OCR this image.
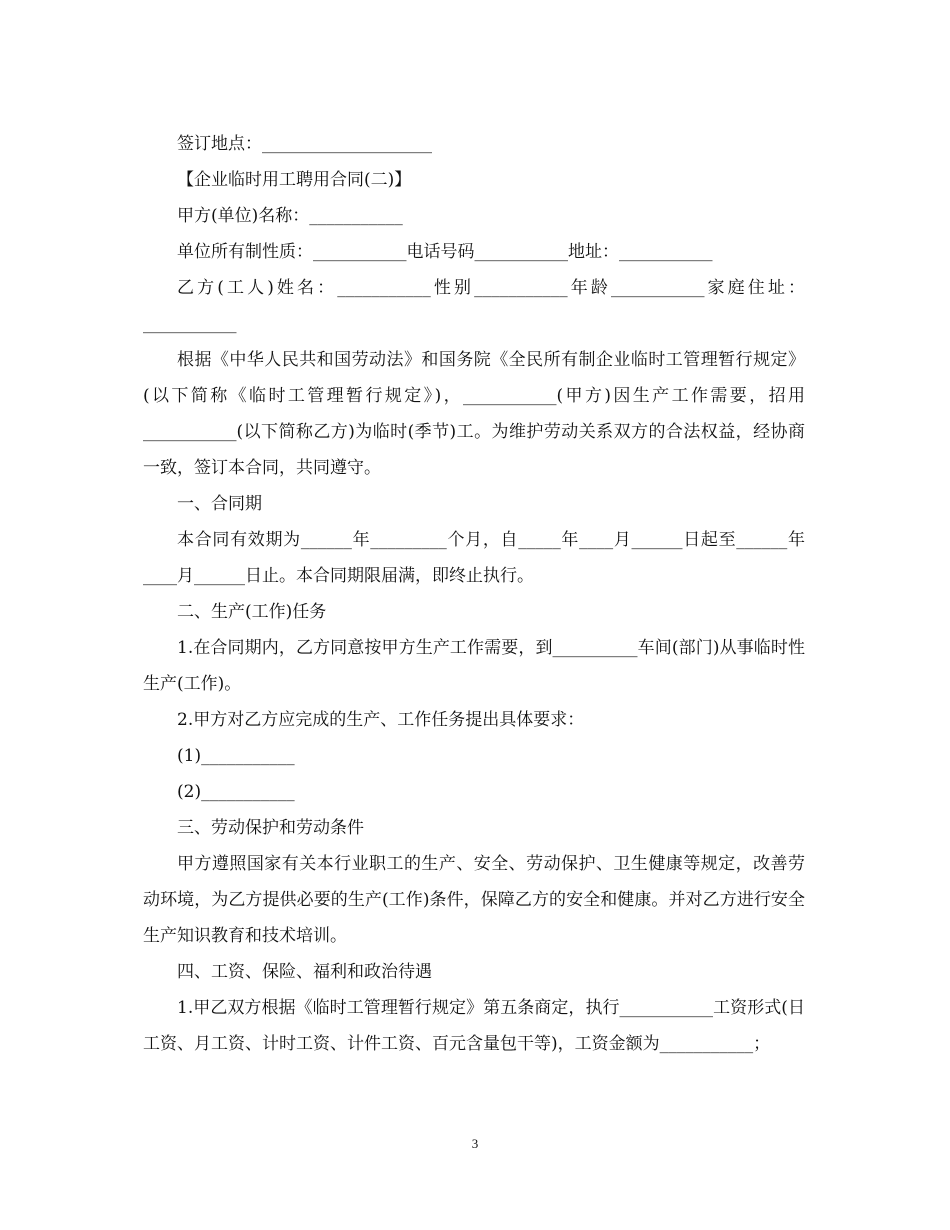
签订地点：____________________

【企业临时用工聘用合同(二)】

甲方(单位)名称：___________

单位所有制性质：___________电话号码___________地址：___________

乙方(工人)姓名：___________性别___________年龄___________家庭住址：___________

根据《中华人民共和国劳动法》和国务院《全民所有制企业临时工管理暂行规定》(以下简称《临时工管理暂行规定》)，___________(甲方)因生产工作需要，招用___________(以下简称乙方)为临时(季节)工。为维护劳动关系双方的合法权益，经协商一致，签订本合同，共同遵守。

一、合同期

本合同有效期为______年_________个月，自_____年____月______日起至______年____月______日止。本合同期限届满，即终止执行。

二、生产(工作)任务

1.在合同期内，乙方同意按甲方生产工作需要，到__________车间(部门)从事临时性生产(工作)。

2.甲方对乙方应完成的生产、工作任务提出具体要求：

(1)___________

(2)___________

三、劳动保护和劳动条件

甲方遵照国家有关本行业职工的生产、安全、劳动保护、卫生健康等规定，改善劳动环境，为乙方提供必要的生产(工作)条件，保障乙方的安全和健康。并对乙方进行安全生产知识教育和技术培训。

四、工资、保险、福利和政治待遇

1.甲乙双方根据《临时工管理暂行规定》第五条商定，执行___________工资形式(日工资、月工资、计时工资、计件工资、百元含量包干等)，工资金额为___________；

3
